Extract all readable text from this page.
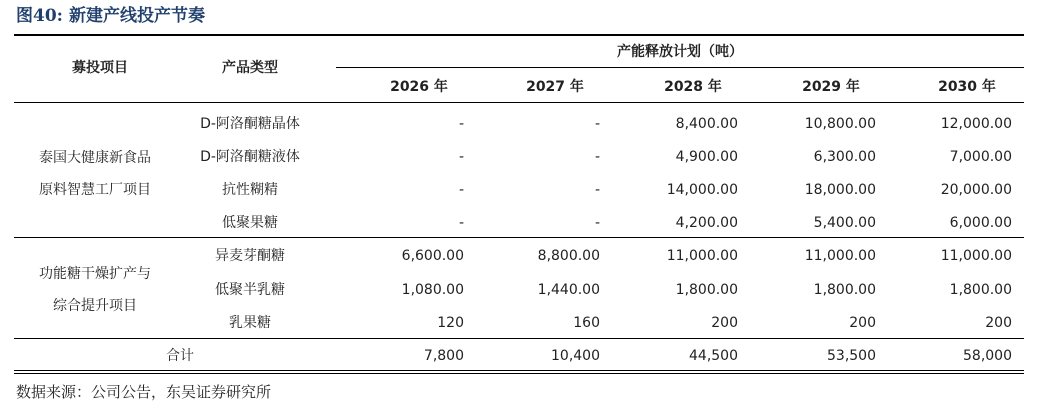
图40: 新建产线投产节奏
募投项目	产品类型
产能释放计划（吨）
2026 年	2027 年	2028 年	2029 年	2030 年
泰国大健康新食品
原料智慧工厂项目
D-阿洛酮糖晶体	-	-	8,400.00	10,800.00	12,000.00
D-阿洛酮糖液体	-	-	4,900.00	6,300.00	7,000.00
抗性糊精	-	-	14,000.00	18,000.00	20,000.00
低聚果糖	-	-	4,200.00	5,400.00	6,000.00
功能糖干燥扩产与
综合提升项目
异麦芽酮糖	6,600.00	8,800.00	11,000.00	11,000.00	11,000.00
低聚半乳糖	1,080.00	1,440.00	1,800.00	1,800.00	1,800.00
乳果糖	120	160	200	200	200
合计	7,800	10,400	44,500	53,500	58,000
数据来源：公司公告，东吴证券研究所
